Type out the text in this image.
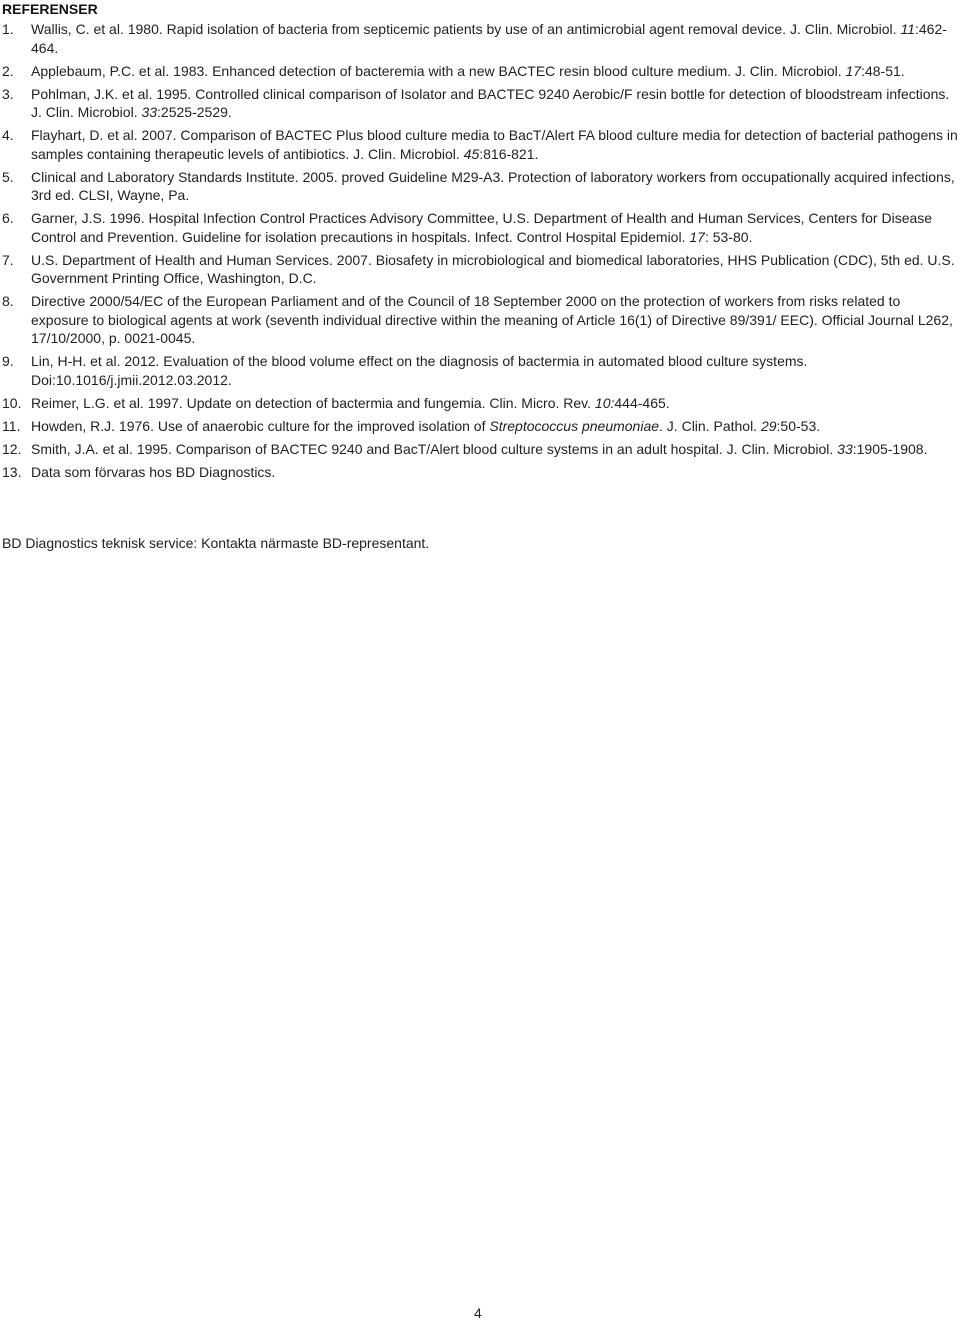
REFERENSER
1. Wallis, C. et al. 1980. Rapid isolation of bacteria from septicemic patients by use of an antimicrobial agent removal device. J. Clin. Microbiol. 11:462-464.
2. Applebaum, P.C. et al. 1983. Enhanced detection of bacteremia with a new BACTEC resin blood culture medium. J. Clin. Microbiol. 17:48-51.
3. Pohlman, J.K. et al. 1995. Controlled clinical comparison of Isolator and BACTEC 9240 Aerobic/F resin bottle for detection of bloodstream infections. J. Clin. Microbiol. 33:2525-2529.
4. Flayhart, D. et al. 2007. Comparison of BACTEC Plus blood culture media to BacT/Alert FA blood culture media for detection of bacterial pathogens in samples containing therapeutic levels of antibiotics. J. Clin. Microbiol. 45:816-821.
5. Clinical and Laboratory Standards Institute. 2005. proved Guideline M29-A3. Protection of laboratory workers from occupationally acquired infections, 3rd ed. CLSI, Wayne, Pa.
6. Garner, J.S. 1996. Hospital Infection Control Practices Advisory Committee, U.S. Department of Health and Human Services, Centers for Disease Control and Prevention. Guideline for isolation precautions in hospitals. Infect. Control Hospital Epidemiol. 17: 53-80.
7. U.S. Department of Health and Human Services. 2007. Biosafety in microbiological and biomedical laboratories, HHS Publication (CDC), 5th ed. U.S. Government Printing Office, Washington, D.C.
8. Directive 2000/54/EC of the European Parliament and of the Council of 18 September 2000 on the protection of workers from risks related to exposure to biological agents at work (seventh individual directive within the meaning of Article 16(1) of Directive 89/391/ EEC). Official Journal L262, 17/10/2000, p. 0021-0045.
9. Lin, H-H. et al. 2012. Evaluation of the blood volume effect on the diagnosis of bactermia in automated blood culture systems. Doi:10.1016/j.jmii.2012.03.2012.
10. Reimer, L.G. et al. 1997. Update on detection of bactermia and fungemia. Clin. Micro. Rev. 10:444-465.
11. Howden, R.J. 1976. Use of anaerobic culture for the improved isolation of Streptococcus pneumoniae. J. Clin. Pathol. 29:50-53.
12. Smith, J.A. et al. 1995. Comparison of BACTEC 9240 and BacT/Alert blood culture systems in an adult hospital. J. Clin. Microbiol. 33:1905-1908.
13. Data som förvaras hos BD Diagnostics.
BD Diagnostics teknisk service: Kontakta närmaste BD-representant.
4
